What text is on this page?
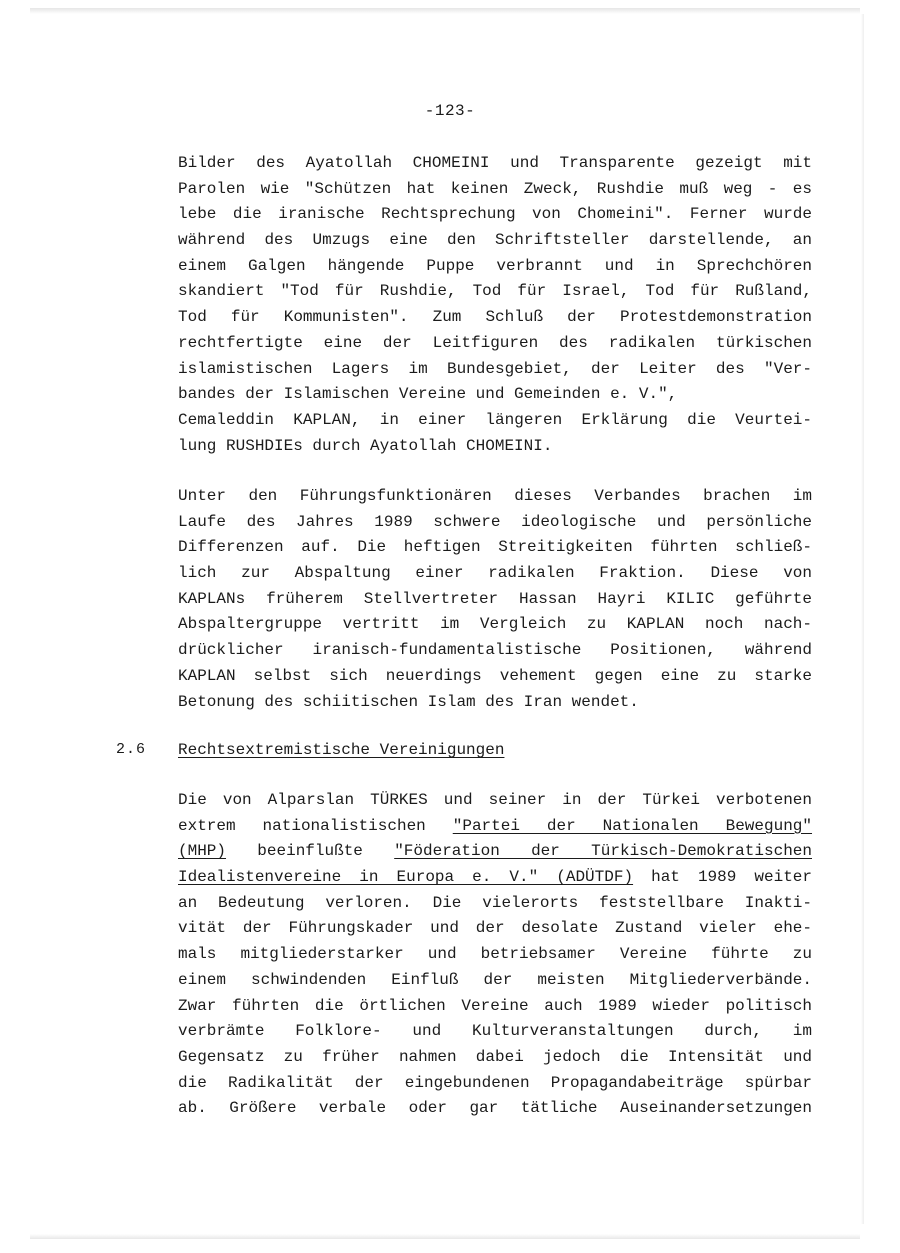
-123-
Bilder des Ayatollah CHOMEINI und Transparente gezeigt mit
Parolen wie "Schützen hat keinen Zweck, Rushdie muß weg - es
lebe die iranische Rechtsprechung von Chomeini". Ferner wurde
während des Umzugs eine den Schriftsteller darstellende, an
einem Galgen hängende Puppe verbrannt und in Sprechchören
skandiert "Tod für Rushdie, Tod für Israel, Tod für Rußland,
Tod für Kommunisten". Zum Schluß der Protestdemonstration
rechtfertigte eine der Leitfiguren des radikalen türkischen
islamistischen Lagers im Bundesgebiet, der Leiter des "Ver-
bandes der Islamischen Vereine und Gemeinden e. V.",
Cemaleddin KAPLAN, in einer längeren Erklärung die Veurtei-
lung RUSHDIEs durch Ayatollah CHOMEINI.
Unter den Führungsfunktionären dieses Verbandes brachen im
Laufe des Jahres 1989 schwere ideologische und persönliche
Differenzen auf. Die heftigen Streitigkeiten führten schließ-
lich zur Abspaltung einer radikalen Fraktion. Diese von
KAPLANs früherem Stellvertreter Hassan Hayri KILIC geführte
Abspaltergruppe vertritt im Vergleich zu KAPLAN noch nach-
drücklicher iranisch-fundamentalistische Positionen, während
KAPLAN selbst sich neuerdings vehement gegen eine zu starke
Betonung des schiitischen Islam des Iran wendet.
2.6 Rechtsextremistische Vereinigungen
Die von Alparslan TÜRKES und seiner in der Türkei verbotenen
extrem nationalistischen "Partei der Nationalen Bewegung"
(MHP) beeinflußte "Föderation der Türkisch-Demokratischen
Idealistenvereine in Europa e. V." (ADÜTDF) hat 1989 weiter
an Bedeutung verloren. Die vielerorts feststellbare Inakti-
vität der Führungskader und der desolate Zustand vieler ehe-
mals mitgliederstarker und betriebsamer Vereine führte zu
einem schwindenden Einfluß der meisten Mitgliederverbände.
Zwar führten die örtlichen Vereine auch 1989 wieder politisch
verbrämte Folklore- und Kulturveranstaltungen durch, im
Gegensatz zu früher nahmen dabei jedoch die Intensität und
die Radikalität der eingebundenen Propagandabeiträge spürbar
ab. Größere verbale oder gar tätliche Auseinandersetzungen
